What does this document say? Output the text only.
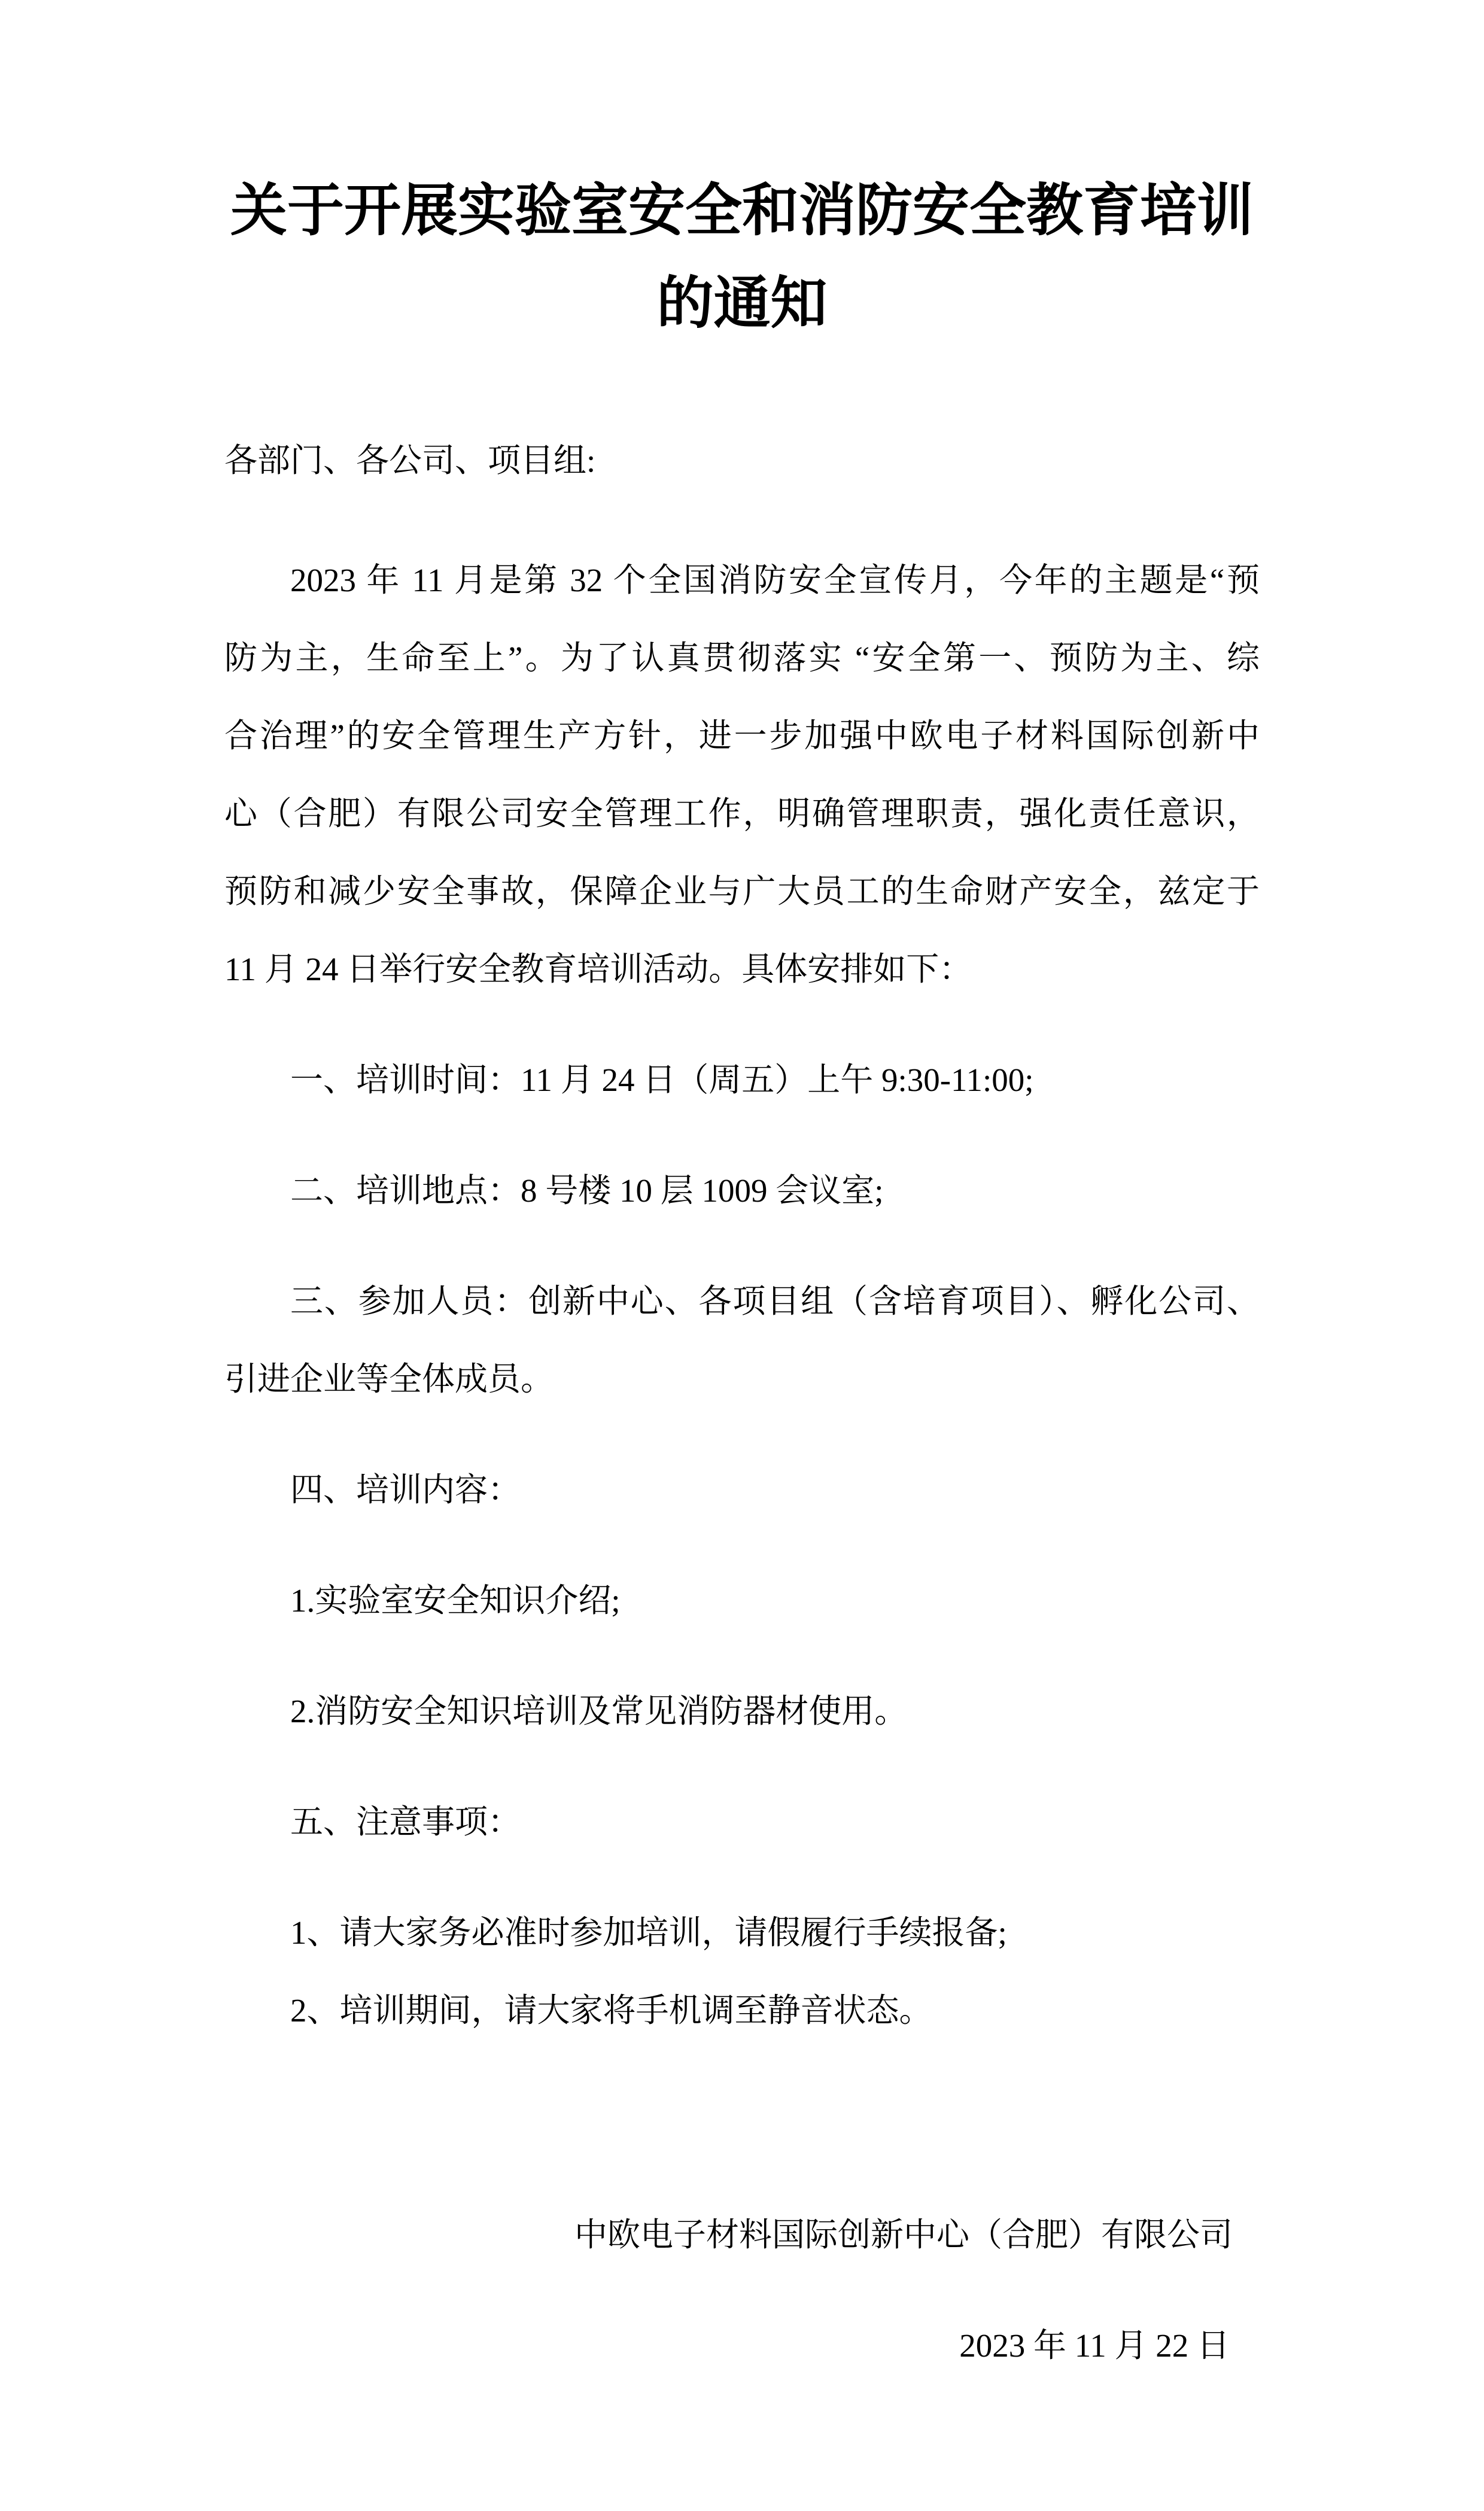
关于开展实验室安全和消防安全教育培训的通知

各部门、各公司、项目组:

2023 年 11 月是第 32 个全国消防安全宣传月，今年的主题是“预
防为主，生命至上”。为了认真贯彻落实 “安全第一、预防为主、综
合治理”的安全管理生产方针，进一步加强中欧电子材料国际创新中
心（合肥）有限公司安全管理工作，明确管理职责，强化责任意识，
预防和减少安全事故，保障企业与广大员工的生命财产安全，兹定于
11 月 24 日举行安全教育培训活动。具体安排如下：
一、培训时间：11 月 24 日（周五）上午 9:30-11:00;
二、培训地点：8 号楼 10 层 1009 会议室;
三、参加人员：创新中心、各项目组（含培育项目）、孵化公司、
引进企业等全体成员。
四、培训内容：
1.实验室安全知识介绍;
2.消防安全知识培训及常见消防器材使用。
五、注意事项：
1、请大家务必准时参加培训，请假履行手续报备;
2、培训期间，请大家将手机调至静音状态。
中欧电子材料国际创新中心（合肥）有限公司
2023 年 11 月 22 日
